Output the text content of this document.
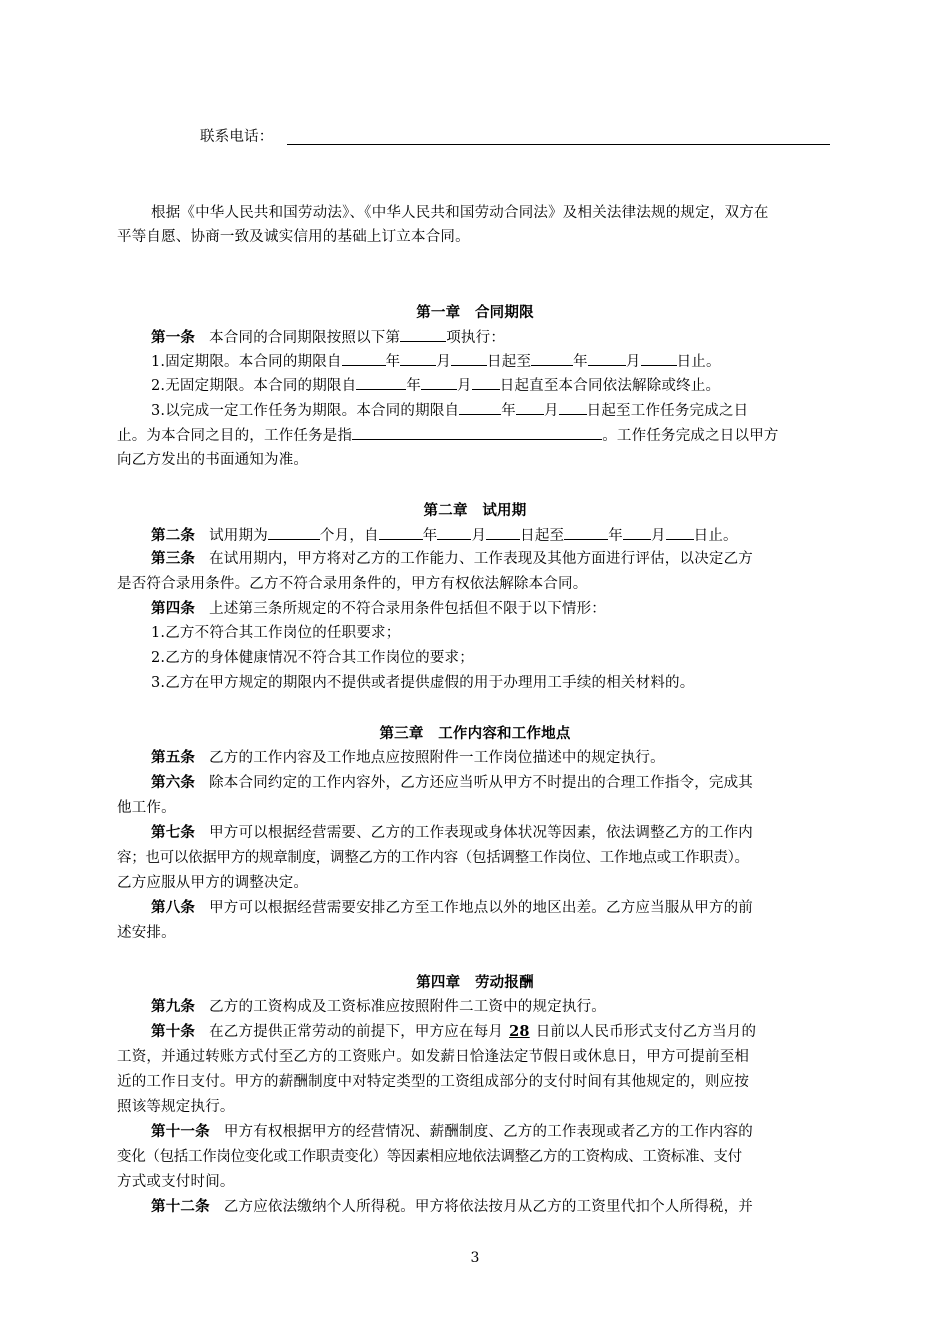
联系电话：
根据《中华人民共和国劳动法》、《中华人民共和国劳动合同法》及相关法律法规的规定，双方在
平等自愿、协商一致及诚实信用的基础上订立本合同。
第一章　合同期限
第一条 本合同的合同期限按照以下第	项执行：
1.固定期限。本合同的期限自	年 月 日起至	年	月 日止。
2.无固定期限。本合同的期限自	年 月 日起直至本合同依法解除或终止。
3.以完成一定工作任务为期限。本合同的期限自	年 月 日起至工作任务完成之日
止。为本合同之目的，工作任务是指	。工作任务完成之日以甲方
向乙方发出的书面通知为准。
第二章　试用期
第二条 试用期为	个月，自	年 月 日起至	年 月 日止。
第三条 在试用期内，甲方将对乙方的工作能力、工作表现及其他方面进行评估，以决定乙方
是否符合录用条件。乙方不符合录用条件的，甲方有权依法解除本合同。
第四条 上述第三条所规定的不符合录用条件包括但不限于以下情形：
1.乙方不符合其工作岗位的任职要求；
2.乙方的身体健康情况不符合其工作岗位的要求；
3.乙方在甲方规定的期限内不提供或者提供虚假的用于办理用工手续的相关材料的。
第三章　工作内容和工作地点
第五条 乙方的工作内容及工作地点应按照附件一工作岗位描述中的规定执行。
第六条 除本合同约定的工作内容外，乙方还应当听从甲方不时提出的合理工作指令，完成其
他工作。
第七条 甲方可以根据经营需要、乙方的工作表现或身体状况等因素，依法调整乙方的工作内
容；也可以依据甲方的规章制度，调整乙方的工作内容（包括调整工作岗位、工作地点或工作职责）。
乙方应服从甲方的调整决定。
第八条 甲方可以根据经营需要安排乙方至工作地点以外的地区出差。乙方应当服从甲方的前
述安排。
第四章　劳动报酬
第九条 乙方的工资构成及工资标准应按照附件二工资中的规定执行。
第十条 在乙方提供正常劳动的前提下，甲方应在每月 28 日前以人民币形式支付乙方当月的
工资，并通过转账方式付至乙方的工资账户。如发薪日恰逢法定节假日或休息日，甲方可提前至相
近的工作日支付。甲方的薪酬制度中对特定类型的工资组成部分的支付时间有其他规定的，则应按
照该等规定执行。
第十一条 甲方有权根据甲方的经营情况、薪酬制度、乙方的工作表现或者乙方的工作内容的
变化（包括工作岗位变化或工作职责变化）等因素相应地依法调整乙方的工资构成、工资标准、支付
方式或支付时间。
第十二条 乙方应依法缴纳个人所得税。甲方将依法按月从乙方的工资里代扣个人所得税，并
3
